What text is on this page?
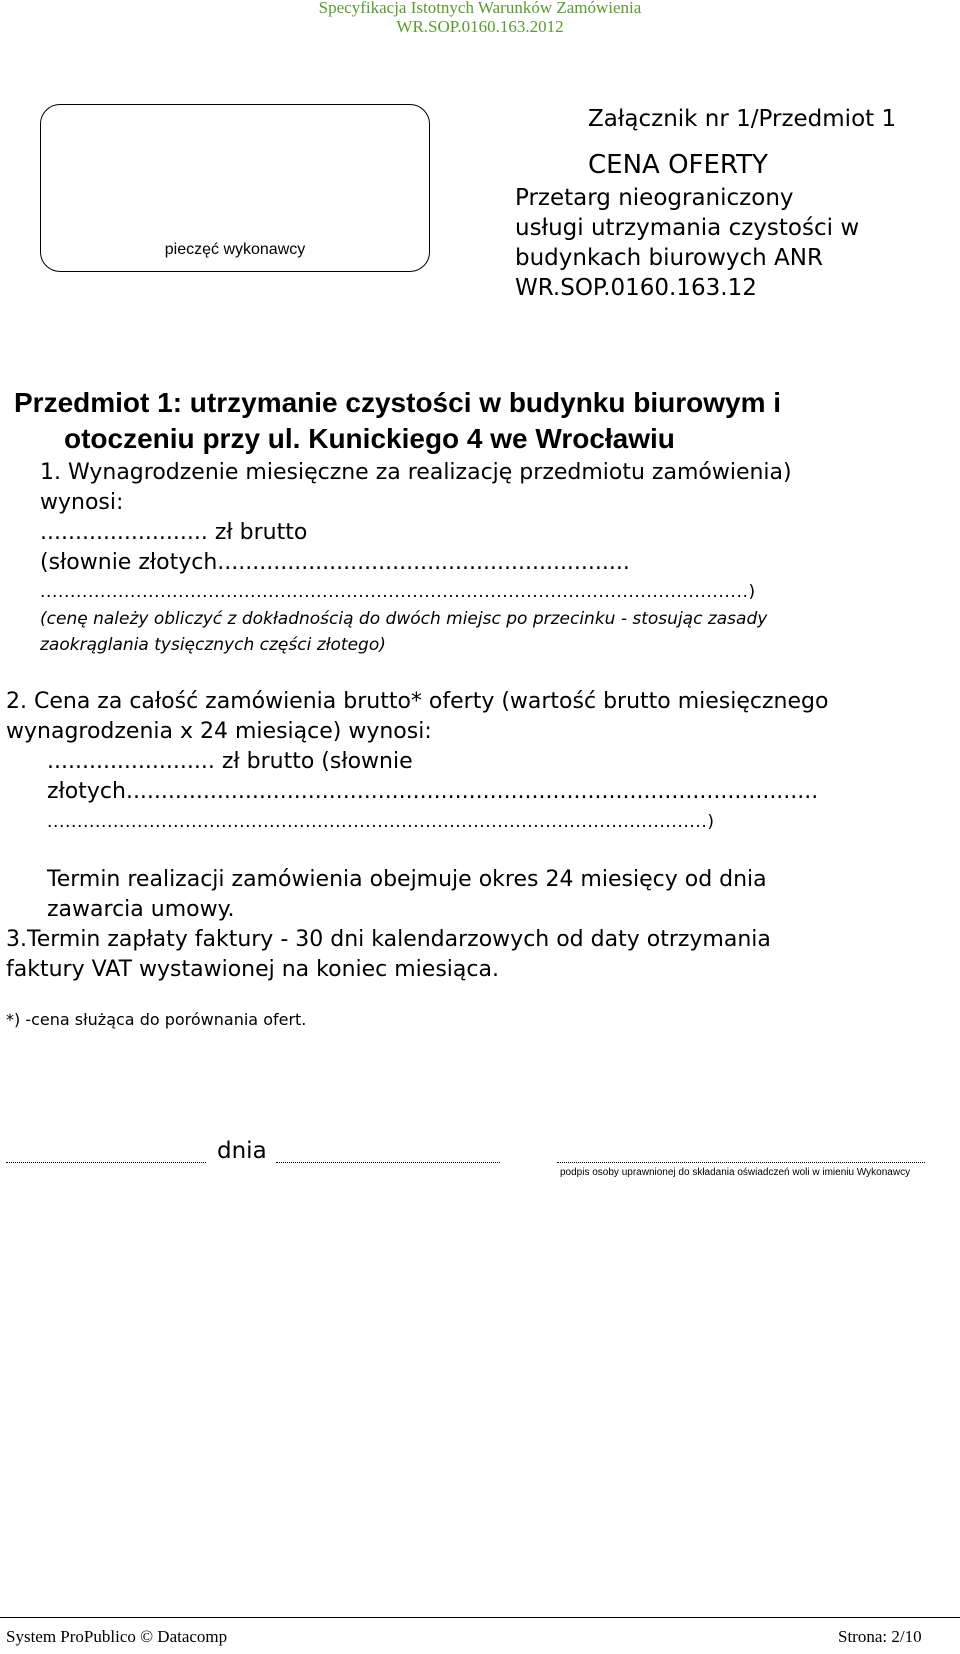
Specyfikacja Istotnych Warunków Zamówienia
WR.SOP.0160.163.2012
pieczęć wykonawcy
Załącznik nr 1/Przedmiot 1
CENA OFERTY
Przetarg nieograniczony
usługi utrzymania czystości w
budynkach biurowych ANR
WR.SOP.0160.163.12
Przedmiot 1: utrzymanie czystości w budynku biurowym i
otoczeniu przy ul. Kunickiego 4 we Wrocławiu
1. Wynagrodzenie miesięczne za realizację przedmiotu zamówienia)
wynosi:
........................ zł brutto
(słownie złotych...........................................................
......................................................................................................................)
(cenę należy obliczyć z dokładnością do dwóch miejsc po przecinku - stosując zasady
zaokrąglania tysięcznych części złotego)
2. Cena za całość zamówienia brutto* oferty (wartość brutto miesięcznego
wynagrodzenia x 24 miesiące) wynosi:
........................ zł brutto (słownie
złotych...................................................................................................
..............................................................................................................)
Termin realizacji zamówienia obejmuje okres 24 miesięcy od dnia
zawarcia umowy.
3.Termin zapłaty faktury - 30 dni kalendarzowych od daty otrzymania
faktury VAT wystawionej na koniec miesiąca.
*) -cena służąca do porównania ofert.
dnia
podpis osoby uprawnionej do składania oświadczeń woli w imieniu Wykonawcy
System ProPublico © Datacomp	Strona: 2/10
